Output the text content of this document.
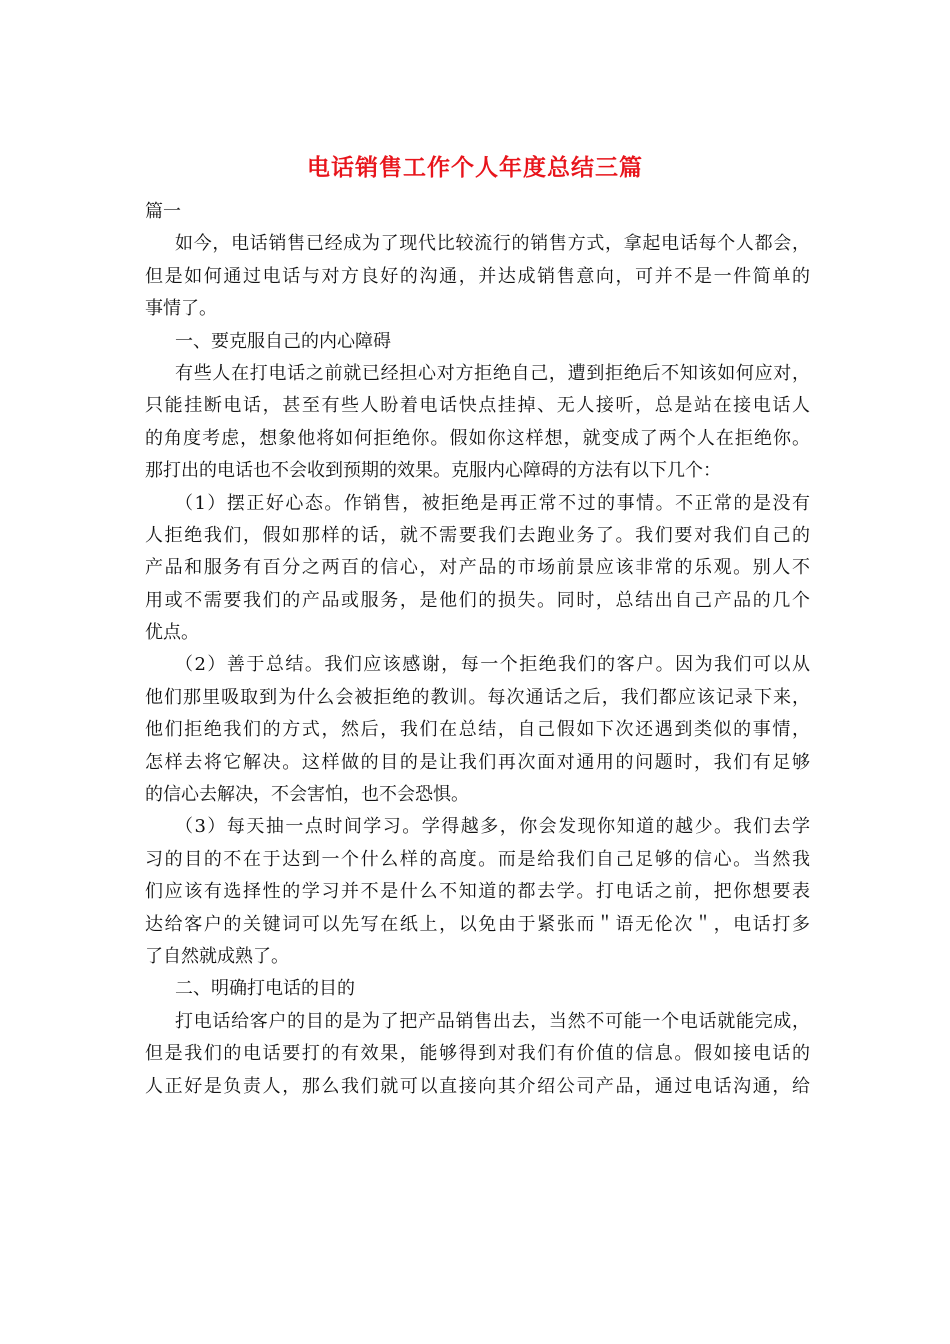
电话销售工作个人年度总结三篇
篇一
如今，电话销售已经成为了现代比较流行的销售方式，拿起电话每个人都会，
但是如何通过电话与对方良好的沟通，并达成销售意向，可并不是一件简单的
事情了。
一、要克服自己的内心障碍
有些人在打电话之前就已经担心对方拒绝自己，遭到拒绝后不知该如何应对，
只能挂断电话，甚至有些人盼着电话快点挂掉、无人接听，总是站在接电话人
的角度考虑，想象他将如何拒绝你。假如你这样想，就变成了两个人在拒绝你。
那打出的电话也不会收到预期的效果。克服内心障碍的方法有以下几个：
（1）摆正好心态。作销售，被拒绝是再正常不过的事情。不正常的是没有
人拒绝我们，假如那样的话，就不需要我们去跑业务了。我们要对我们自己的
产品和服务有百分之两百的信心，对产品的市场前景应该非常的乐观。别人不
用或不需要我们的产品或服务，是他们的损失。同时，总结出自己产品的几个
优点。
（2）善于总结。我们应该感谢，每一个拒绝我们的客户。因为我们可以从
他们那里吸取到为什么会被拒绝的教训。每次通话之后，我们都应该记录下来，
他们拒绝我们的方式，然后，我们在总结，自己假如下次还遇到类似的事情，
怎样去将它解决。这样做的目的是让我们再次面对通用的问题时，我们有足够
的信心去解决，不会害怕，也不会恐惧。
（3）每天抽一点时间学习。学得越多，你会发现你知道的越少。我们去学
习的目的不在于达到一个什么样的高度。而是给我们自己足够的信心。当然我
们应该有选择性的学习并不是什么不知道的都去学。打电话之前，把你想要表
达给客户的关键词可以先写在纸上，以免由于紧张而＂语无伦次＂，电话打多
了自然就成熟了。
二、明确打电话的目的
打电话给客户的目的是为了把产品销售出去，当然不可能一个电话就能完成，
但是我们的电话要打的有效果，能够得到对我们有价值的信息。假如接电话的
人正好是负责人，那么我们就可以直接向其介绍公司产品，通过电话沟通，给
